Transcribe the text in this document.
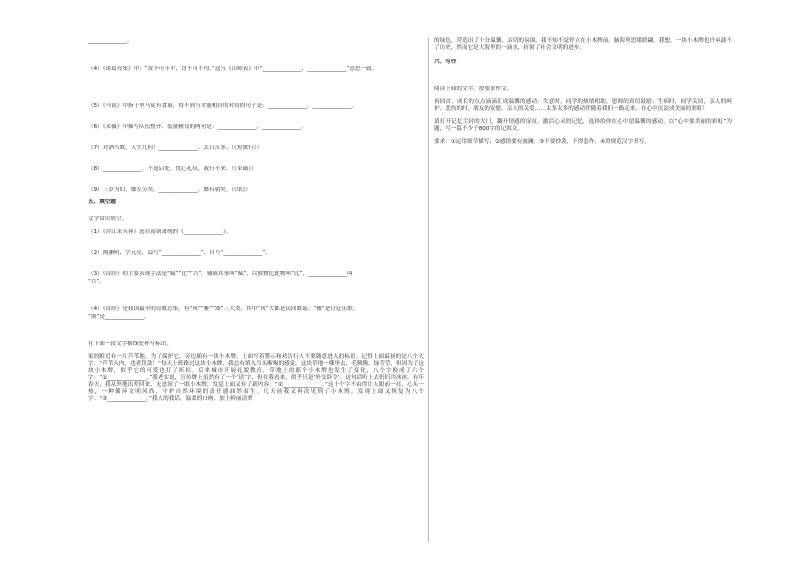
______________。
（4）《诸葛亮集》中：“赏不可不平，罚不可不均。”这与《出师表》中“______________，______________”意思一致。
（5）《马说》中指千里马徒有食量，得不到与才能相符的对待的句子是：______________，______________。
（6）《采薇》中描写队伍整齐、装备精良的两句是：______________，______________。
（7）对酒当歌，人生几何！______________，去日苦多。（《短歌行》）
（8）______________，不遑启处。忧心孔疚，我行不来。（《采薇》）
（9）三岁为妇，靡室劳矣。______________，靡有朝矣。（《氓》）
五、填空题
文学常识填空。
（1）《涉江采芙蓉》选自南朝萧统的《______________》。
（2）陶渊明，字元亮，谥号“______________”，自号“______________”。
（3）《诗经》的主要表现手法是“赋”“比”“兴”。铺陈其事叫“赋”，以彼物比此物叫“比”，______________叫
“兴”。
（4）《诗经》是我国最早的诗歌总集，有“风”“雅”“颂”三大类，其中“风”大都是民间歌谣；“雅”是宫廷乐歌；
“颂”是______________。
在下面一段文字横线处补写标语。
家的附近有一片芦苇地，为了保护它，旁边插有一块小木牌，上面写着警示和劝告行人不要随意进入的标语。记得上面最初的是八个大字：“芦苇入内，违者罚款！”每天上班路过这块小木牌，我总有填入当头断喝的感觉。这块草地一哪里去，毛腾腾、绿莹莹，但因为了这块小木牌，似乎它的可爱也打了折扣。后来城市开展礼貌教育，草地上的那个小木牌也发生了变化，八个字换成了六个字：“①______________。”我老实说，宣传牌上虽然有了一个‘请’字，但在我看来，似乎只是‘外交辞令’。这句话听上去仍旧冷冰冰。有年春天，我从外地出差回来，无意间了一眼小木牌，发觉上面又有了新内容：“②______________。”这十个字不由得让人眼前一亮，心头一热，一种循环文明风尚、守护自然环境的责任感油然而生。几天前我又再次见到了小木牌，发现上面又恢复为八个字：“③______________。”我人的我话，温柔的口吻，加上鲜丽清翠
的绿色，营造出了十分温馨、亲切的氛围。我不知不觉停立在小木牌前，脑海里思绪联翩。我想，一块小木牌也许承载不了历史，然而它是大海里的一滴水，折射了社会文明的进步。
六、写作
阅读下面的文字，按要求作文。
再回首，成长的点点滴滴汇成温馨的感动：失意时，同学的热情相助，恩师的真切鼓励；生病时，同学关切，亲人的呵护；悲伤的时，朋友的安慰，亲人的关爱……太多太多的感动伴随着我们一路走来，在心中沉淀成美丽的彩虹！
请打开记忆尘封的大门，翻开情感的扉页，激活心灵的记忆，选择给你在心中留温馨的感动，以“心中那美丽的彩虹”为题，写一篇不少于800字的记叙文。
要求：①运用细节描写；②感情要有波澜；③不要抄袭，不得套作；④用规范汉字书写。
